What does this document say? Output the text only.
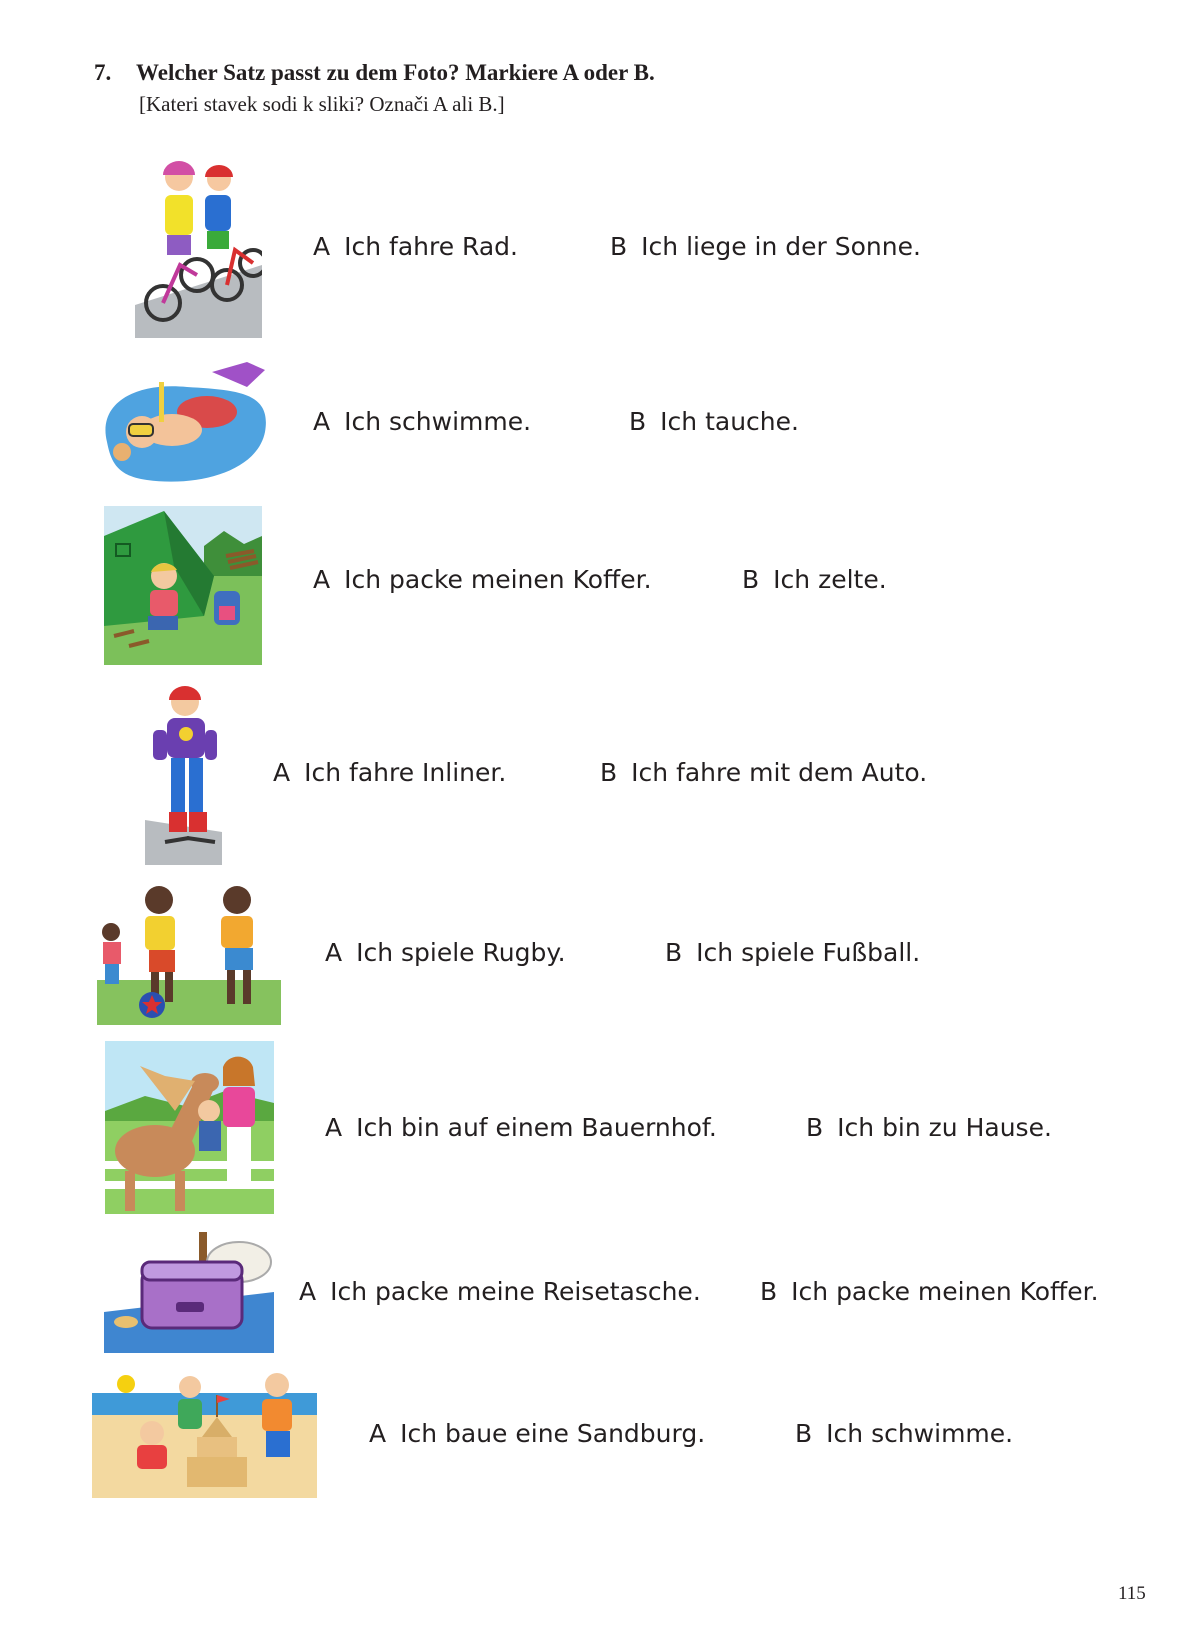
7. Welcher Satz passt zu dem Foto? Markiere A oder B.
[Kateri stavek sodi k sliki? Označi A ali B.]
A Ich fahre Rad.	B Ich liege in der Sonne.
A Ich schwimme.	B Ich tauche.
A Ich packe meinen Koffer.	B Ich zelte.
A Ich fahre Inliner.	B Ich fahre mit dem Auto.
A Ich spiele Rugby.	B Ich spiele Fußball.
A Ich bin auf einem Bauernhof.	B Ich bin zu Hause.
A Ich packe meine Reisetasche. B Ich packe meinen Koffer.
A Ich baue eine Sandburg.	B Ich schwimme.
115
